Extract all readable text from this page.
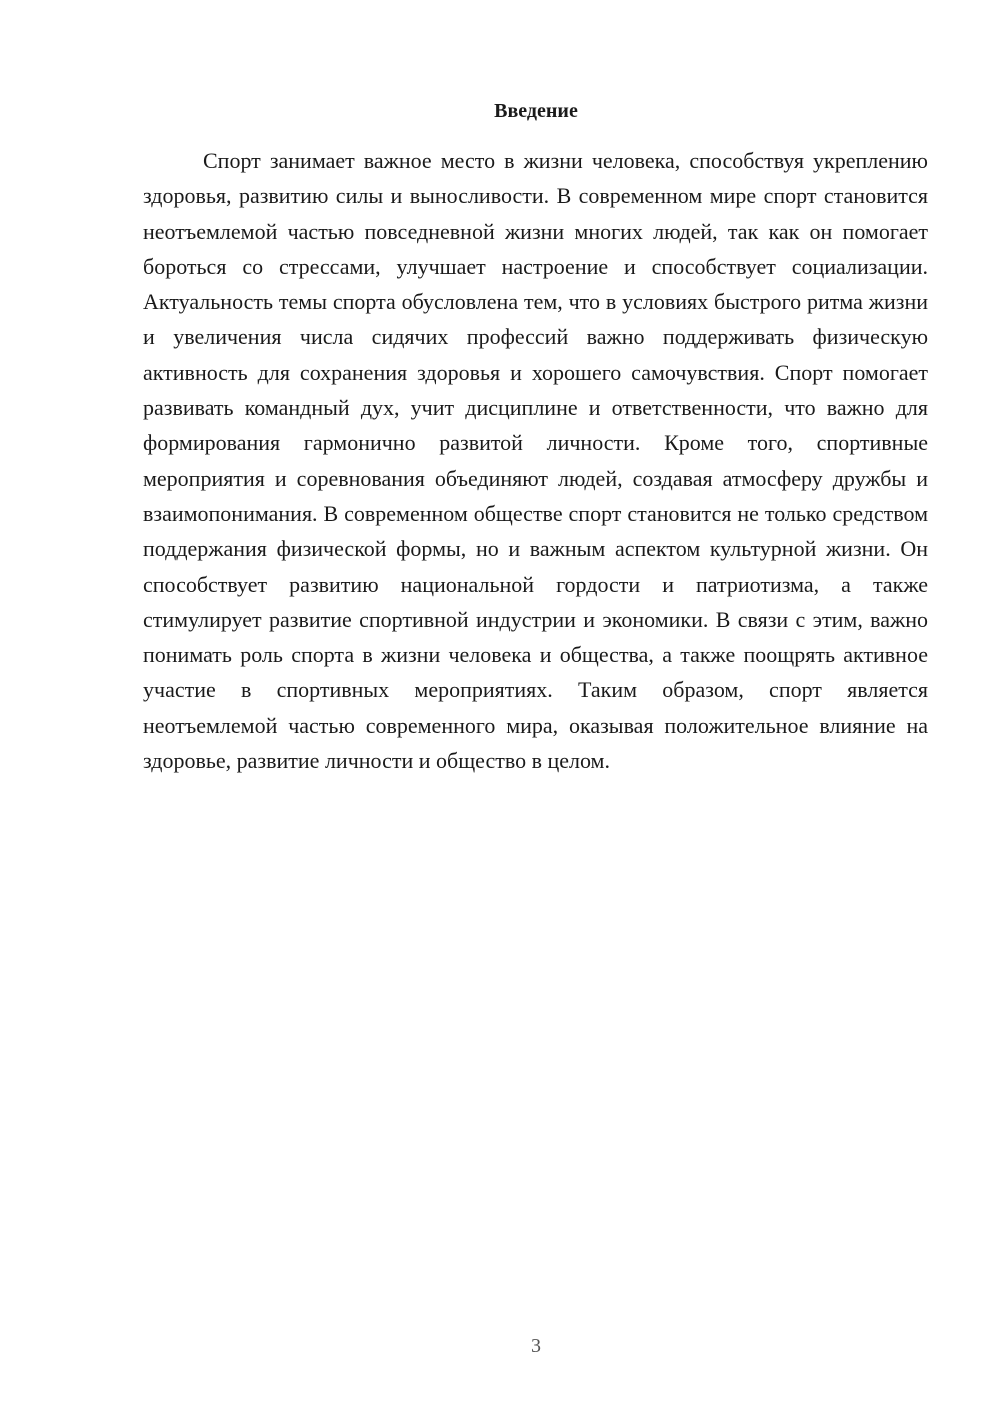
Введение

Спорт занимает важное место в жизни человека, способствуя укреплению здоровья, развитию силы и выносливости. В современном мире спорт становится неотъемлемой частью повседневной жизни многих людей, так как он помогает бороться со стрессами, улучшает настроение и способствует социализации. Актуальность темы спорта обусловлена тем, что в условиях быстрого ритма жизни и увеличения числа сидячих профессий важно поддерживать физическую активность для сохранения здоровья и хорошего самочувствия. Спорт помогает развивать командный дух, учит дисциплине и ответственности, что важно для формирования гармонично развитой личности. Кроме того, спортивные мероприятия и соревнования объединяют людей, создавая атмосферу дружбы и взаимопонимания. В современном обществе спорт становится не только средством поддержания физической формы, но и важным аспектом культурной жизни. Он способствует развитию национальной гордости и патриотизма, а также стимулирует развитие спортивной индустрии и экономики. В связи с этим, важно понимать роль спорта в жизни человека и общества, а также поощрять активное участие в спортивных мероприятиях. Таким образом, спорт является неотъемлемой частью современного мира, оказывая положительное влияние на здоровье, развитие личности и общество в целом.

3
